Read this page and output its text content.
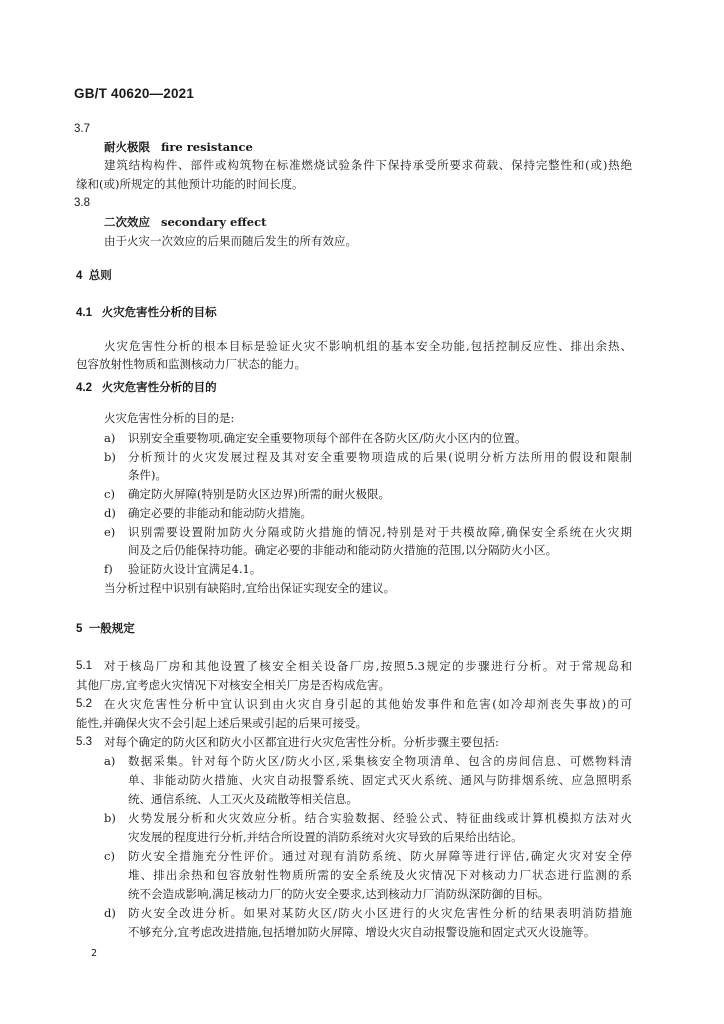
GB/T 40620—2021
3.7
耐火极限 fire resistance
建筑结构构件、部件或构筑物在标准燃烧试验条件下保持承受所要求荷载、保持完整性和(或)热绝
缘和(或)所规定的其他预计功能的时间长度。
3.8
二次效应 secondary effect
由于火灾一次效应的后果而随后发生的所有效应。
4 总则
4.1 火灾危害性分析的目标
火灾危害性分析的根本目标是验证火灾不影响机组的基本安全功能,包括控制反应性、排出余热、
包容放射性物质和监测核动力厂状态的能力。
4.2 火灾危害性分析的目的
火灾危害性分析的目的是:
a) 识别安全重要物项,确定安全重要物项每个部件在各防火区/防火小区内的位置。
b) 分析预计的火灾发展过程及其对安全重要物项造成的后果(说明分析方法所用的假设和限制
条件)。
c) 确定防火屏障(特别是防火区边界)所需的耐火极限。
d) 确定必要的非能动和能动防火措施。
e) 识别需要设置附加防火分隔或防火措施的情况,特别是对于共模故障,确保安全系统在火灾期
间及之后仍能保持功能。确定必要的非能动和能动防火措施的范围,以分隔防火小区。
f) 验证防火设计宜满足4.1。
当分析过程中识别有缺陷时,宜给出保证实现安全的建议。
5 一般规定
5.1 对于核岛厂房和其他设置了核安全相关设备厂房,按照5.3规定的步骤进行分析。对于常规岛和
其他厂房,宜考虑火灾情况下对核安全相关厂房是否构成危害。
5.2 在火灾危害性分析中宜认识到由火灾自身引起的其他始发事件和危害(如冷却剂丧失事故)的可
能性,并确保火灾不会引起上述后果或引起的后果可接受。
5.3 对每个确定的防火区和防火小区都宜进行火灾危害性分析。分析步骤主要包括:
a) 数据采集。针对每个防火区/防火小区,采集核安全物项清单、包含的房间信息、可燃物料清
单、非能动防火措施、火灾自动报警系统、固定式灭火系统、通风与防排烟系统、应急照明系
统、通信系统、人工灭火及疏散等相关信息。
b) 火势发展分析和火灾效应分析。结合实验数据、经验公式、特征曲线或计算机模拟方法对火
灾发展的程度进行分析,并结合所设置的消防系统对火灾导致的后果给出结论。
c) 防火安全措施充分性评价。通过对现有消防系统、防火屏障等进行评估,确定火灾对安全停
堆、排出余热和包容放射性物质所需的安全系统及火灾情况下对核动力厂状态进行监测的系
统不会造成影响,满足核动力厂的防火安全要求,达到核动力厂消防纵深防御的目标。
d) 防火安全改进分析。如果对某防火区/防火小区进行的火灾危害性分析的结果表明消防措施
不够充分,宜考虑改进措施,包括增加防火屏障、增设火灾自动报警设施和固定式灭火设施等。
2
